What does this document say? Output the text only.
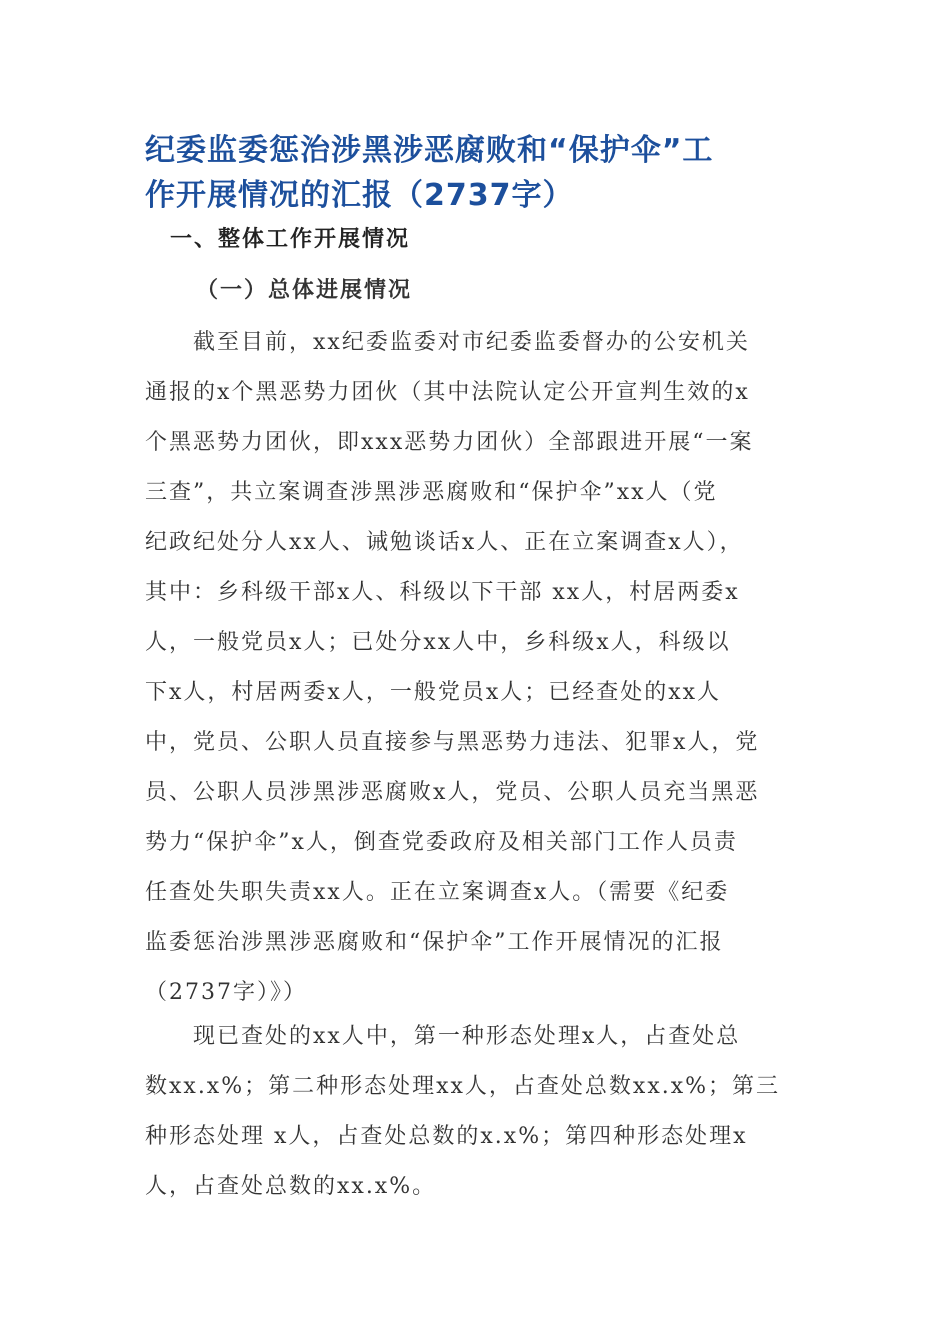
纪委监委惩治涉黑涉恶腐败和“保护伞”工
作开展情况的汇报（2737字）
一、整体工作开展情况
（一）总体进展情况
　　截至目前，xx纪委监委对市纪委监委督办的公安机关
通报的x个黑恶势力团伙（其中法院认定公开宣判生效的x
个黑恶势力团伙，即xxx恶势力团伙）全部跟进开展“一案
三查”，共立案调查涉黑涉恶腐败和“保护伞”xx人（党
纪政纪处分人xx人、诫勉谈话x人、正在立案调查x人），
其中：乡科级干部x人、科级以下干部 xx人，村居两委x
人，一般党员x人；已处分xx人中，乡科级x人，科级以
下x人，村居两委x人，一般党员x人；已经查处的xx人
中，党员、公职人员直接参与黑恶势力违法、犯罪x人，党
员、公职人员涉黑涉恶腐败x人，党员、公职人员充当黑恶
势力“保护伞”x人，倒查党委政府及相关部门工作人员责
任查处失职失责xx人。正在立案调查x人。（需要《纪委
监委惩治涉黑涉恶腐败和“保护伞”工作开展情况的汇报
（2737字）》）
　　现已查处的xx人中，第一种形态处理x人，占查处总
数xx.x%；第二种形态处理xx人，占查处总数xx.x%；第三
种形态处理 x人，占查处总数的x.x%；第四种形态处理x
人，占查处总数的xx.x%。
